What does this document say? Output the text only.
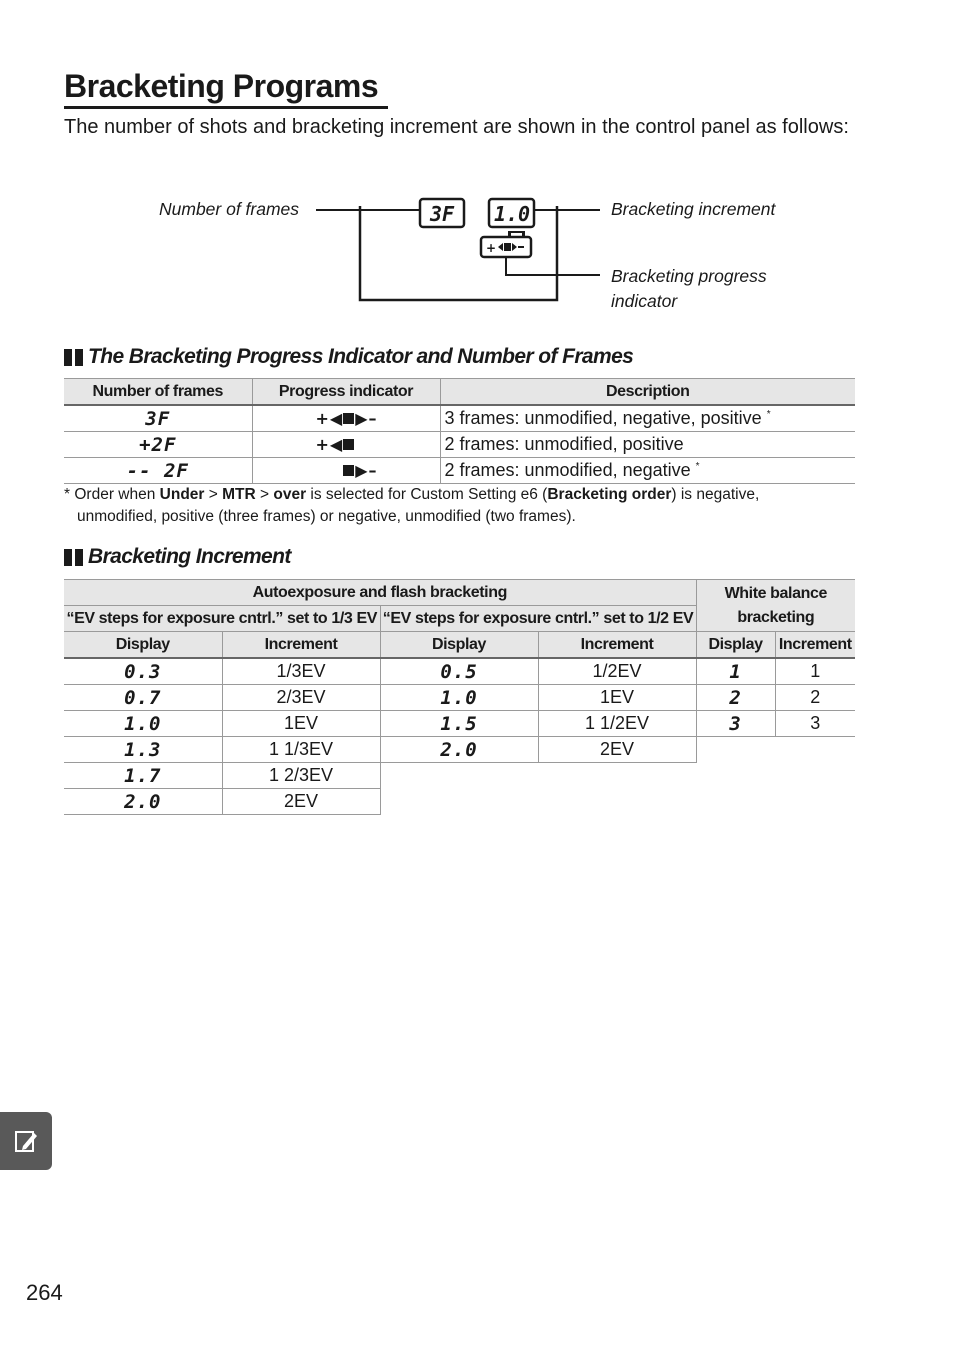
Bracketing Programs

The number of shots and bracketing increment are shown in the control panel as follows:

Number of frames	Bracketing increment
Bracketing progress
indicator
3F 1.0
+
The Bracketing Progress Indicator and Number of Frames
Number of frames	Progress indicator	Description
3F	+ ◀ ▶ –	3 frames: unmodified, negative, positive *
+2F	+ ◀	2 frames: unmodified, positive
-- 2F	▶ –	2 frames: unmodified, negative *
* Order when Under > MTR > over is selected for Custom Setting e6 (Bracketing order) is negative,
unmodified, positive (three frames) or negative, unmodified (two frames).
Bracketing Increment
Autoexposure and flash bracketing				White balance bracketing	
“EV steps for exposure cntrl.” set to 1/3 EV		“EV steps for exposure cntrl.” set to 1/2 EV			
Display	Increment	Display	Increment	Display	Increment
0.3	1/3EV	0.5	1/2EV	1	1
0.7	2/3EV	1.0	1EV	2	2
1.0	1EV	1.5	1 1/2EV	3	3
1.3	1 1/3EV	2.0	2EV		
1.7	1 2/3EV				
2.0	2EV				
264
